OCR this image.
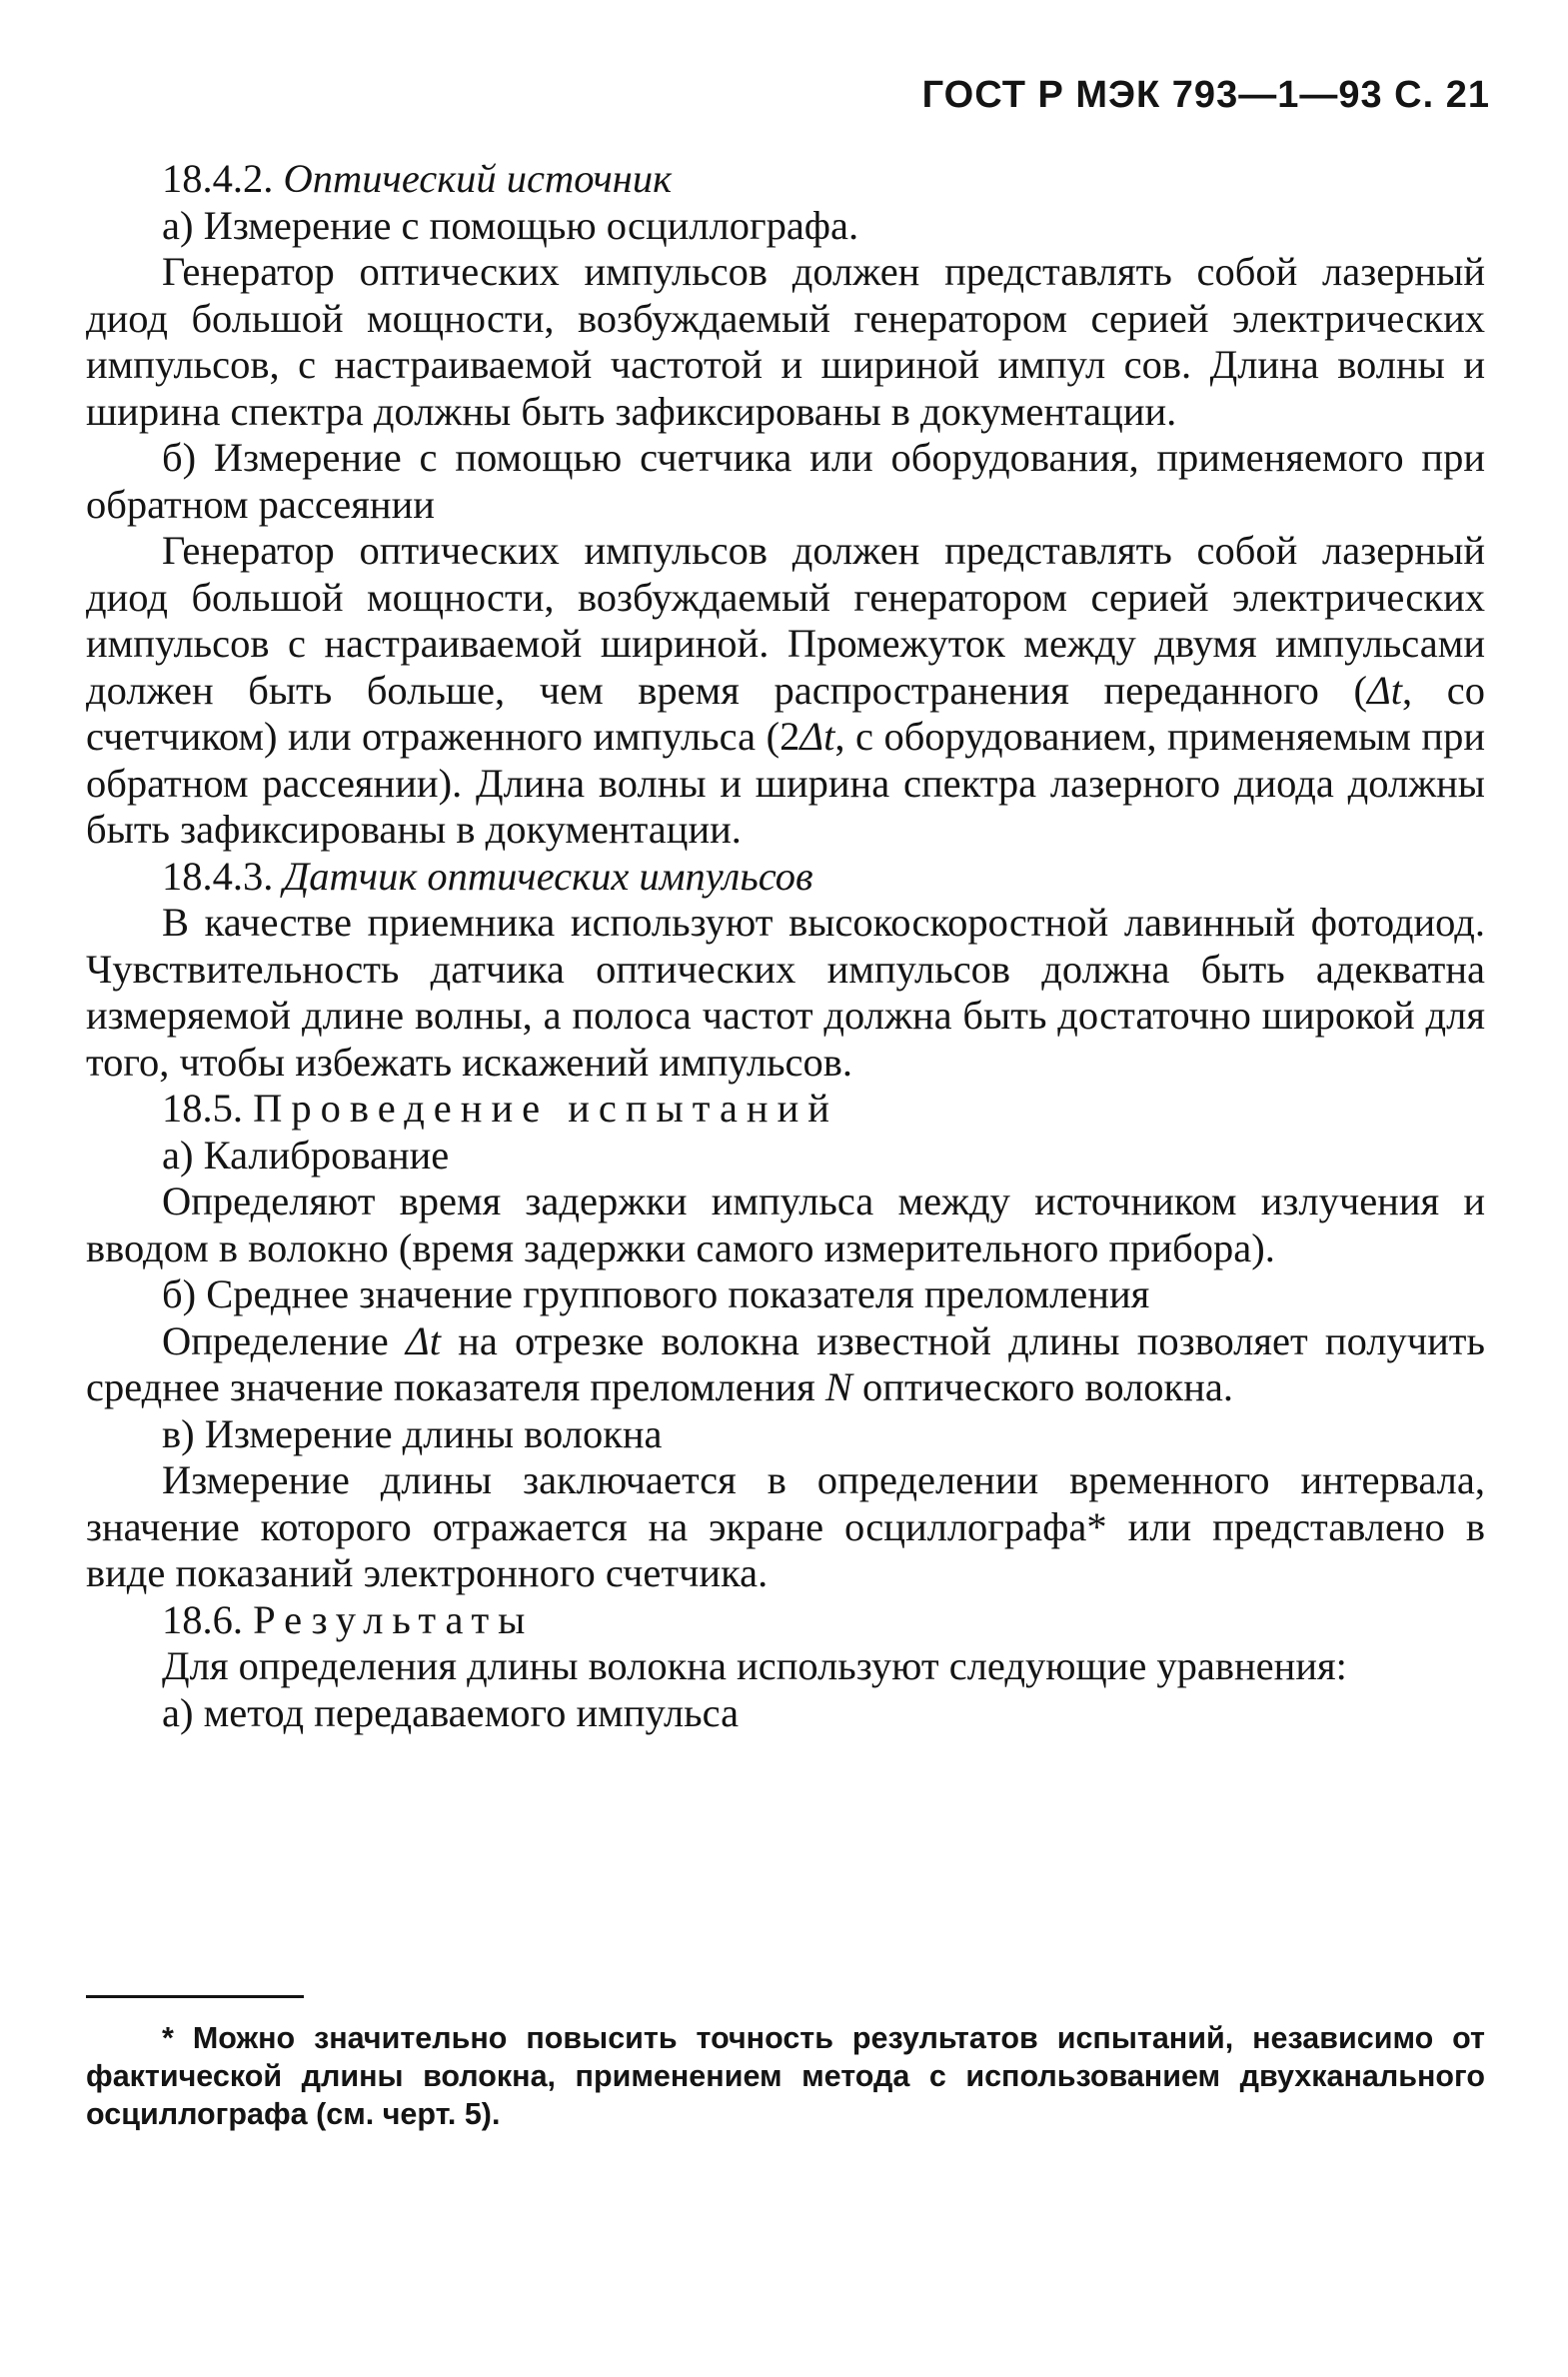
ГОСТ Р МЭК 793—1—93 С. 21

18.4.2. Оптический источник

а) Измерение с помощью осциллографа.

Генератор оптических импульсов должен представлять собой лазерный диод большой мощности, возбуждаемый генератором серией электрических импульсов, с настраиваемой частотой и шириной импул сов. Длина волны и ширина спектра должны быть зафиксированы в документации.

б) Измерение с помощью счетчика или оборудования, применяемого при обратном рассеянии

Генератор оптических импульсов должен представлять собой лазерный диод большой мощности, возбуждаемый генератором серией электрических импульсов с настраиваемой шириной. Промежуток между двумя импульсами должен быть больше, чем время распространения переданного (Δt, со счетчиком) или отраженного импульса (2Δt, с оборудованием, применяемым при обратном рассеянии). Длина волны и ширина спектра лазерного диода должны быть зафиксированы в документации.

18.4.3. Датчик оптических импульсов

В качестве приемника используют высокоскоростной лавинный фотодиод. Чувствительность датчика оптических импульсов должна быть адекватна измеряемой длине волны, а полоса частот должна быть достаточно широкой для того, чтобы избежать искажений импульсов.

18.5. Проведение испытаний

а) Калибрование

Определяют время задержки импульса между источником излучения и вводом в волокно (время задержки самого измерительного прибора).

б) Среднее значение группового показателя преломления

Определение Δt на отрезке волокна известной длины позволяет получить среднее значение показателя преломления N оптического волокна.

в) Измерение длины волокна

Измерение длины заключается в определении временного интервала, значение которого отражается на экране осциллографа* или представлено в виде показаний электронного счетчика.

18.6. Результаты

Для определения длины волокна используют следующие уравнения:

а) метод передаваемого импульса

* Можно значительно повысить точность результатов испытаний, независимо от фактической длины волокна, применением метода с использованием двухканального осциллографа (см. черт. 5).
